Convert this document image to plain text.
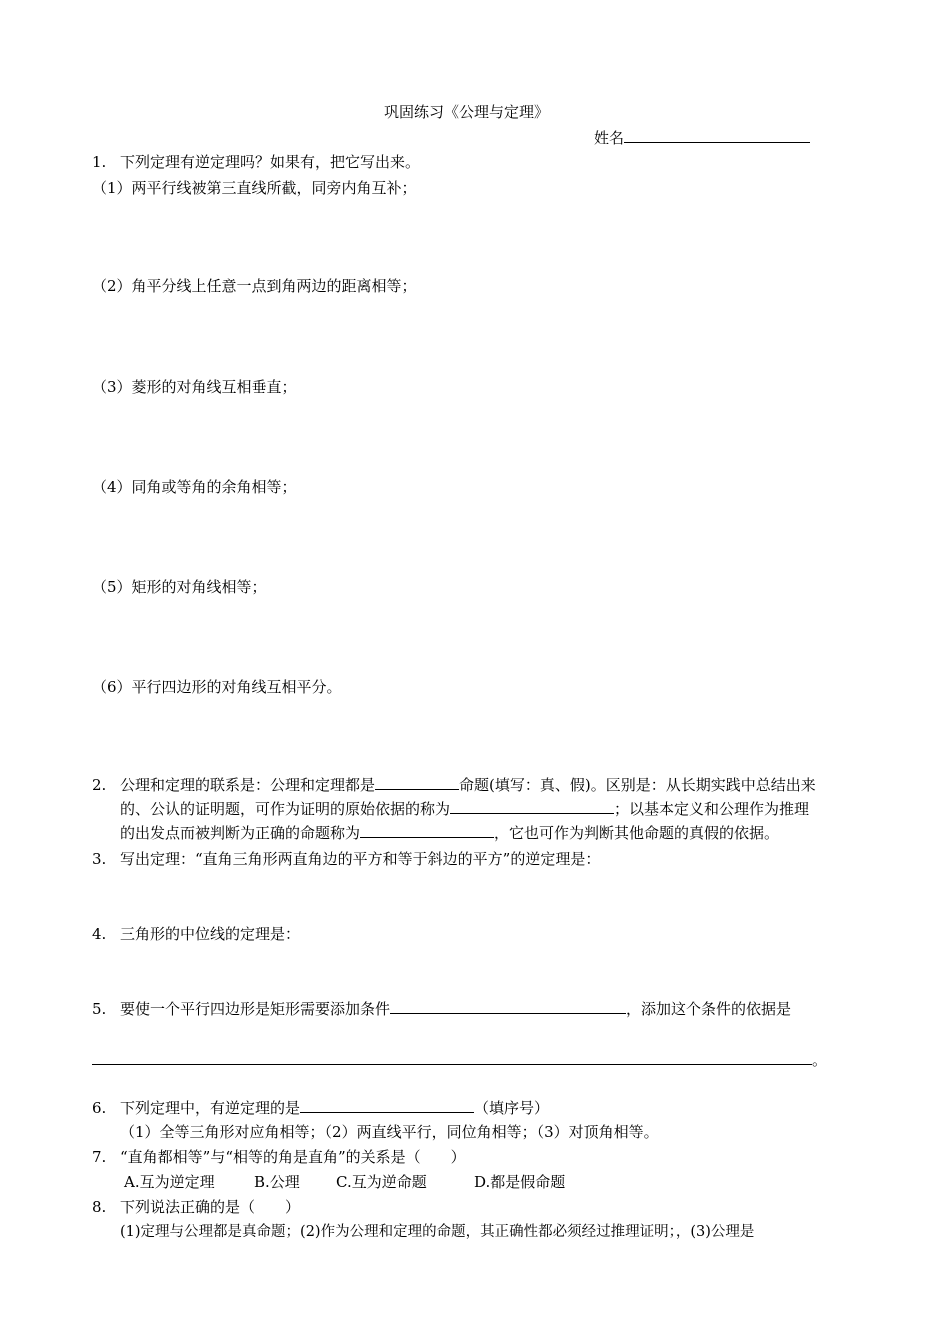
巩固练习《公理与定理》
姓名
1. 下列定理有逆定理吗？如果有，把它写出来。
（1）两平行线被第三直线所截，同旁内角互补；
（2）角平分线上任意一点到角两边的距离相等；
（3）菱形的对角线互相垂直；
（4）同角或等角的余角相等；
（5）矩形的对角线相等；
（6）平行四边形的对角线互相平分。
2. 公理和定理的联系是：公理和定理都是	命题(填写：真、假)。区别是：从长期实践中总结出来
的、公认的证明题，可作为证明的原始依据的称为	；以基本定义和公理作为推理
的出发点而被判断为正确的命题称为	，它也可作为判断其他命题的真假的依据。
3. 写出定理：“直角三角形两直角边的平方和等于斜边的平方”的逆定理是：
4. 三角形的中位线的定理是：
5. 要使一个平行四边形是矩形需要添加条件	，添加这个条件的依据是
。
6. 下列定理中，有逆定理的是	（填序号）
（1）全等三角形对应角相等；（2）两直线平行，同位角相等；（3）对顶角相等。
7. “直角都相等”与“相等的角是直角”的关系是（　　）
A.互为逆定理	B.公理 C.互为逆命题	D.都是假命题
8. 下列说法正确的是（　　）
(1)定理与公理都是真命题；(2)作为公理和定理的命题，其正确性都必须经过推理证明；，(3)公理是
